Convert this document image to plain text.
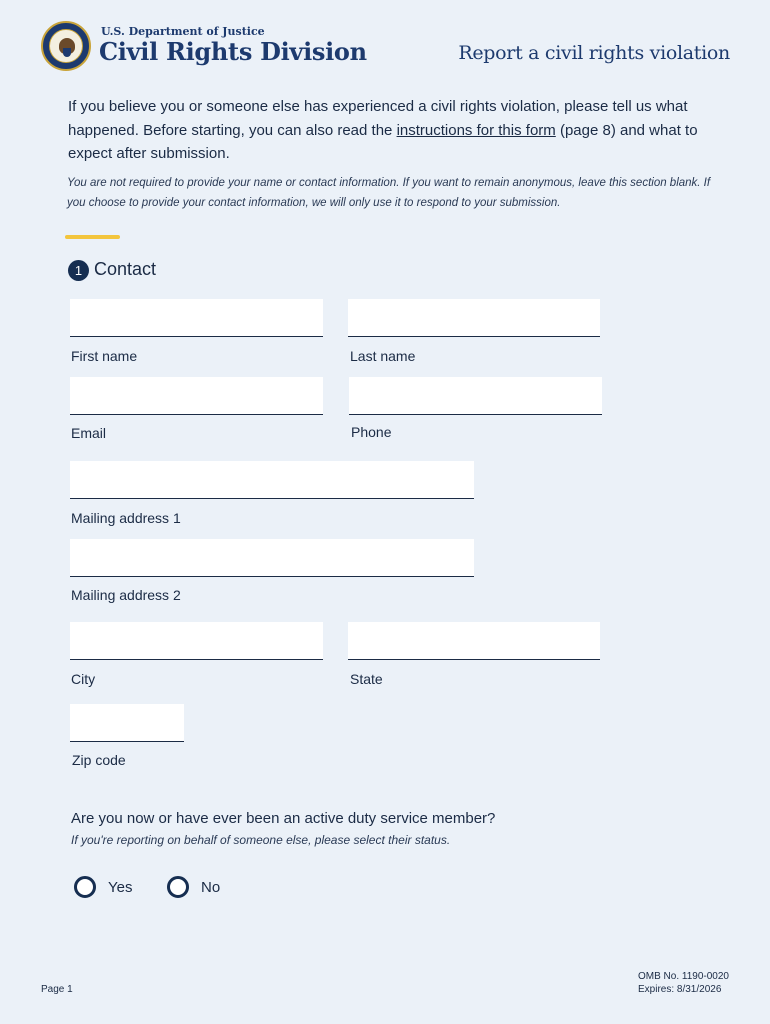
U.S. Department of Justice
Civil Rights Division	Report a civil rights violation
If you believe you or someone else has experienced a civil rights violation, please tell us what happened. Before starting, you can also read the instructions for this form (page 8) and what to expect after submission.
You are not required to provide your name or contact information. If you want to remain anonymous, leave this section blank. If you choose to provide your contact information, we will only use it to respond to your submission.
1 Contact
First name	Last name
Email	Phone
Mailing address 1
Mailing address 2
City	State
Zip code
Are you now or have ever been an active duty service member?
If you're reporting on behalf of someone else, please select their status.
Yes	No
Page 1
OMB No. 1190-0020
Expires: 8/31/2026
